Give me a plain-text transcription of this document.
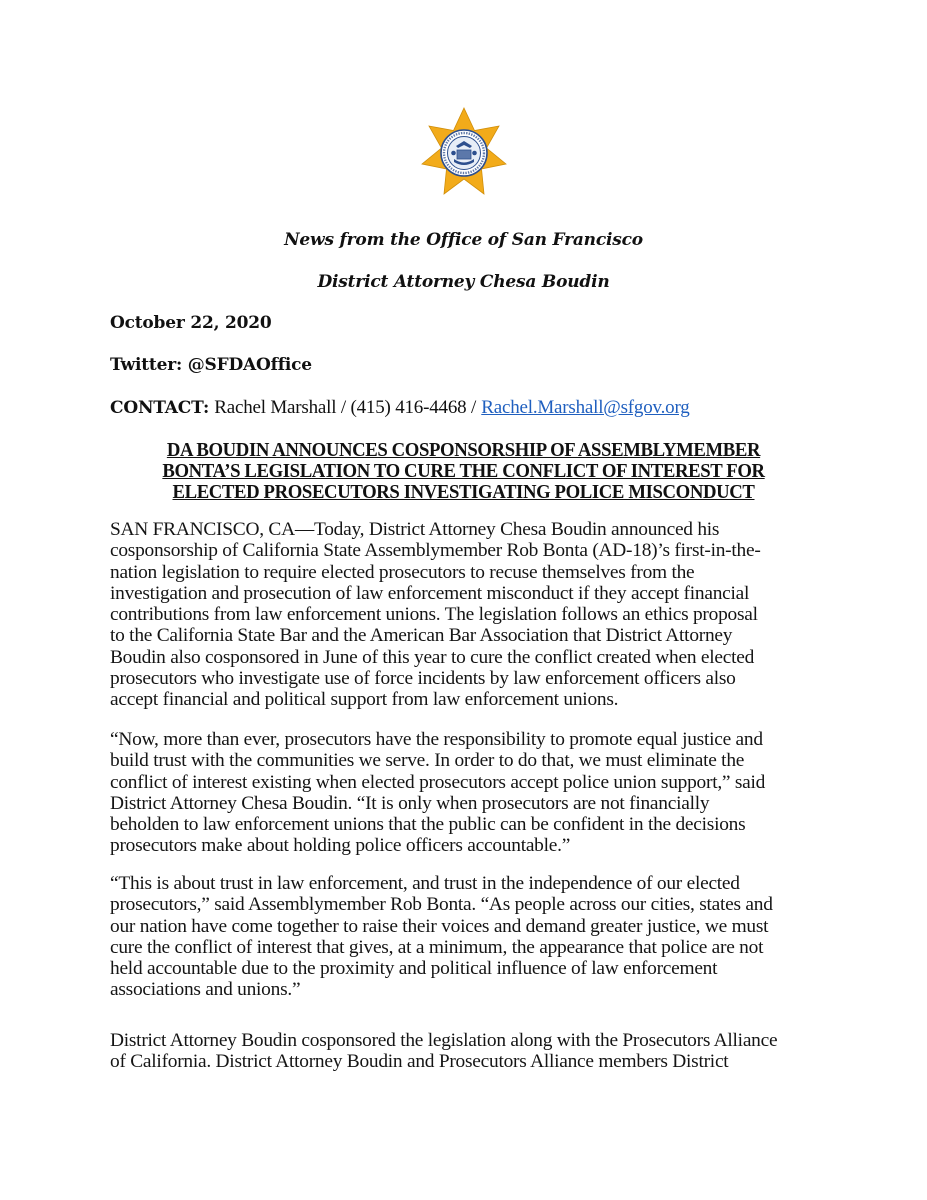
News from the Office of San Francisco
District Attorney Chesa Boudin
October 22, 2020
Twitter: @SFDAOffice
CONTACT: Rachel Marshall / (415) 416-4468 / Rachel.Marshall@sfgov.org
DA BOUDIN ANNOUNCES COSPONSORSHIP OF ASSEMBLYMEMBER
BONTA’S LEGISLATION TO CURE THE CONFLICT OF INTEREST FOR
ELECTED PROSECUTORS INVESTIGATING POLICE MISCONDUCT
SAN FRANCISCO, CA—Today, District Attorney Chesa Boudin announced his
cosponsorship of California State Assemblymember Rob Bonta (AD-18)’s first-in-the-
nation legislation to require elected prosecutors to recuse themselves from the
investigation and prosecution of law enforcement misconduct if they accept financial
contributions from law enforcement unions. The legislation follows an ethics proposal
to the California State Bar and the American Bar Association that District Attorney
Boudin also cosponsored in June of this year to cure the conflict created when elected
prosecutors who investigate use of force incidents by law enforcement officers also
accept financial and political support from law enforcement unions.
“Now, more than ever, prosecutors have the responsibility to promote equal justice and
build trust with the communities we serve. In order to do that, we must eliminate the
conflict of interest existing when elected prosecutors accept police union support,” said
District Attorney Chesa Boudin. “It is only when prosecutors are not financially
beholden to law enforcement unions that the public can be confident in the decisions
prosecutors make about holding police officers accountable.”
“This is about trust in law enforcement, and trust in the independence of our elected
prosecutors,” said Assemblymember Rob Bonta. “As people across our cities, states and
our nation have come together to raise their voices and demand greater justice, we must
cure the conflict of interest that gives, at a minimum, the appearance that police are not
held accountable due to the proximity and political influence of law enforcement
associations and unions.”
District Attorney Boudin cosponsored the legislation along with the Prosecutors Alliance
of California. District Attorney Boudin and Prosecutors Alliance members District
